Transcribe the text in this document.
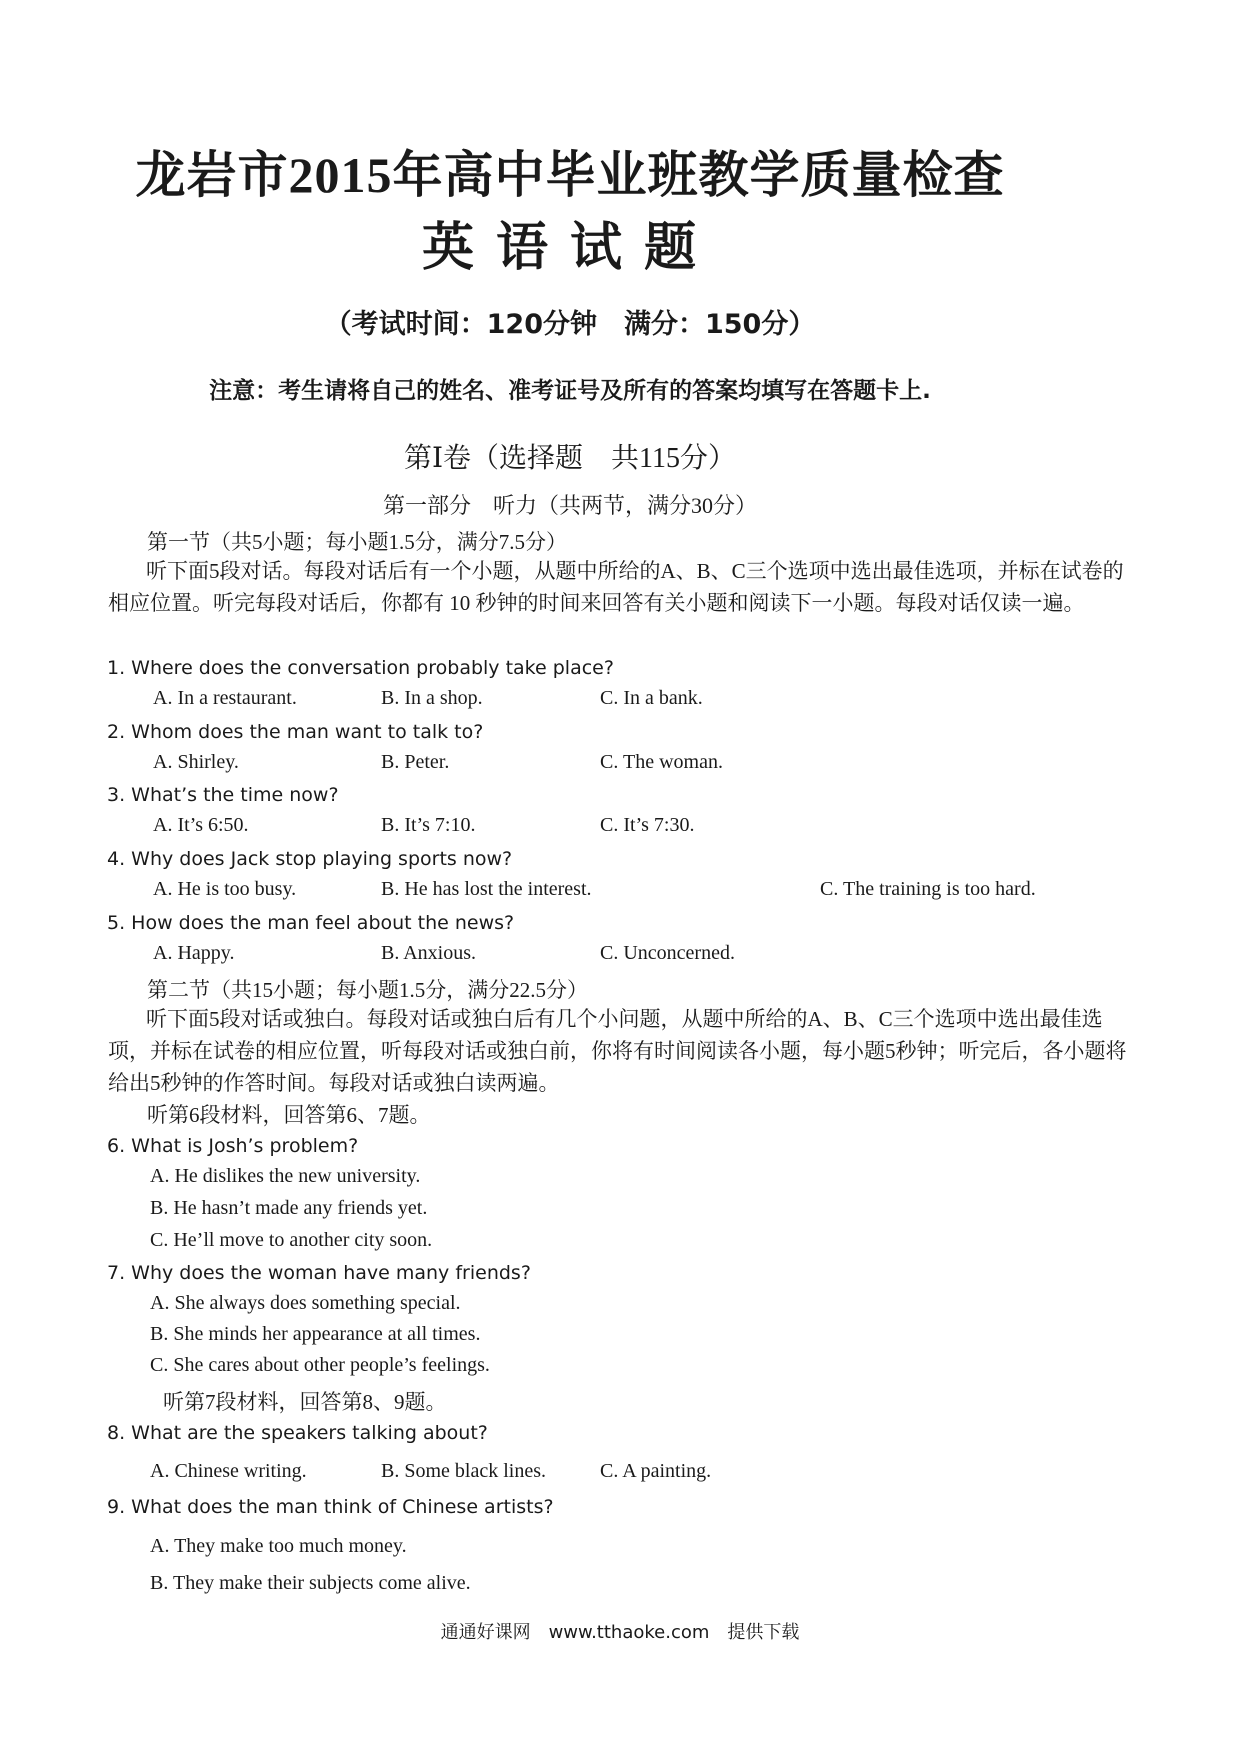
龙岩市2015年高中毕业班教学质量检查
英语试题
（考试时间：120分钟　满分：150分）
注意：考生请将自己的姓名、准考证号及所有的答案均填写在答题卡上.
第Ⅰ卷（选择题　共115分）
第一部分　听力（共两节，满分30分）
第一节（共5小题；每小题1.5分，满分7.5分）
听下面5段对话。每段对话后有一个小题，从题中所给的A、B、C三个选项中选出最佳选项，并标在试卷的相应位置。听完每段对话后，你都有 10 秒钟的时间来回答有关小题和阅读下一小题。每段对话仅读一遍。
1. Where does the conversation probably take place?
A. In a restaurant.	B. In a shop.	C. In a bank.
2. Whom does the man want to talk to?
A. Shirley.	B. Peter.	C. The woman.
3. What’s the time now?
A. It’s 6:50.	B. It’s 7:10.	C. It’s 7:30.
4. Why does Jack stop playing sports now?
A. He is too busy.	B. He has lost the interest.	C. The training is too hard.
5. How does the man feel about the news?
A. Happy.	B. Anxious.	C. Unconcerned.
第二节（共15小题；每小题1.5分，满分22.5分）
听下面5段对话或独白。每段对话或独白后有几个小问题，从题中所给的A、B、C三个选项中选出最佳选项，并标在试卷的相应位置，听每段对话或独白前，你将有时间阅读各小题，每小题5秒钟；听完后，各小题将给出5秒钟的作答时间。每段对话或独白读两遍。
听第6段材料，回答第6、7题。
6. What is Josh’s problem?
A. He dislikes the new university.
B. He hasn’t made any friends yet.
C. He’ll move to another city soon.
7. Why does the woman have many friends?
A. She always does something special.
B. She minds her appearance at all times.
C. She cares about other people’s feelings.
听第7段材料，回答第8、9题。
8. What are the speakers talking about?
A. Chinese writing.	B. Some black lines.	C. A painting.
9. What does the man think of Chinese artists?
A. They make too much money.
B. They make their subjects come alive.
通通好课网　www.tthaoke.com　提供下载
